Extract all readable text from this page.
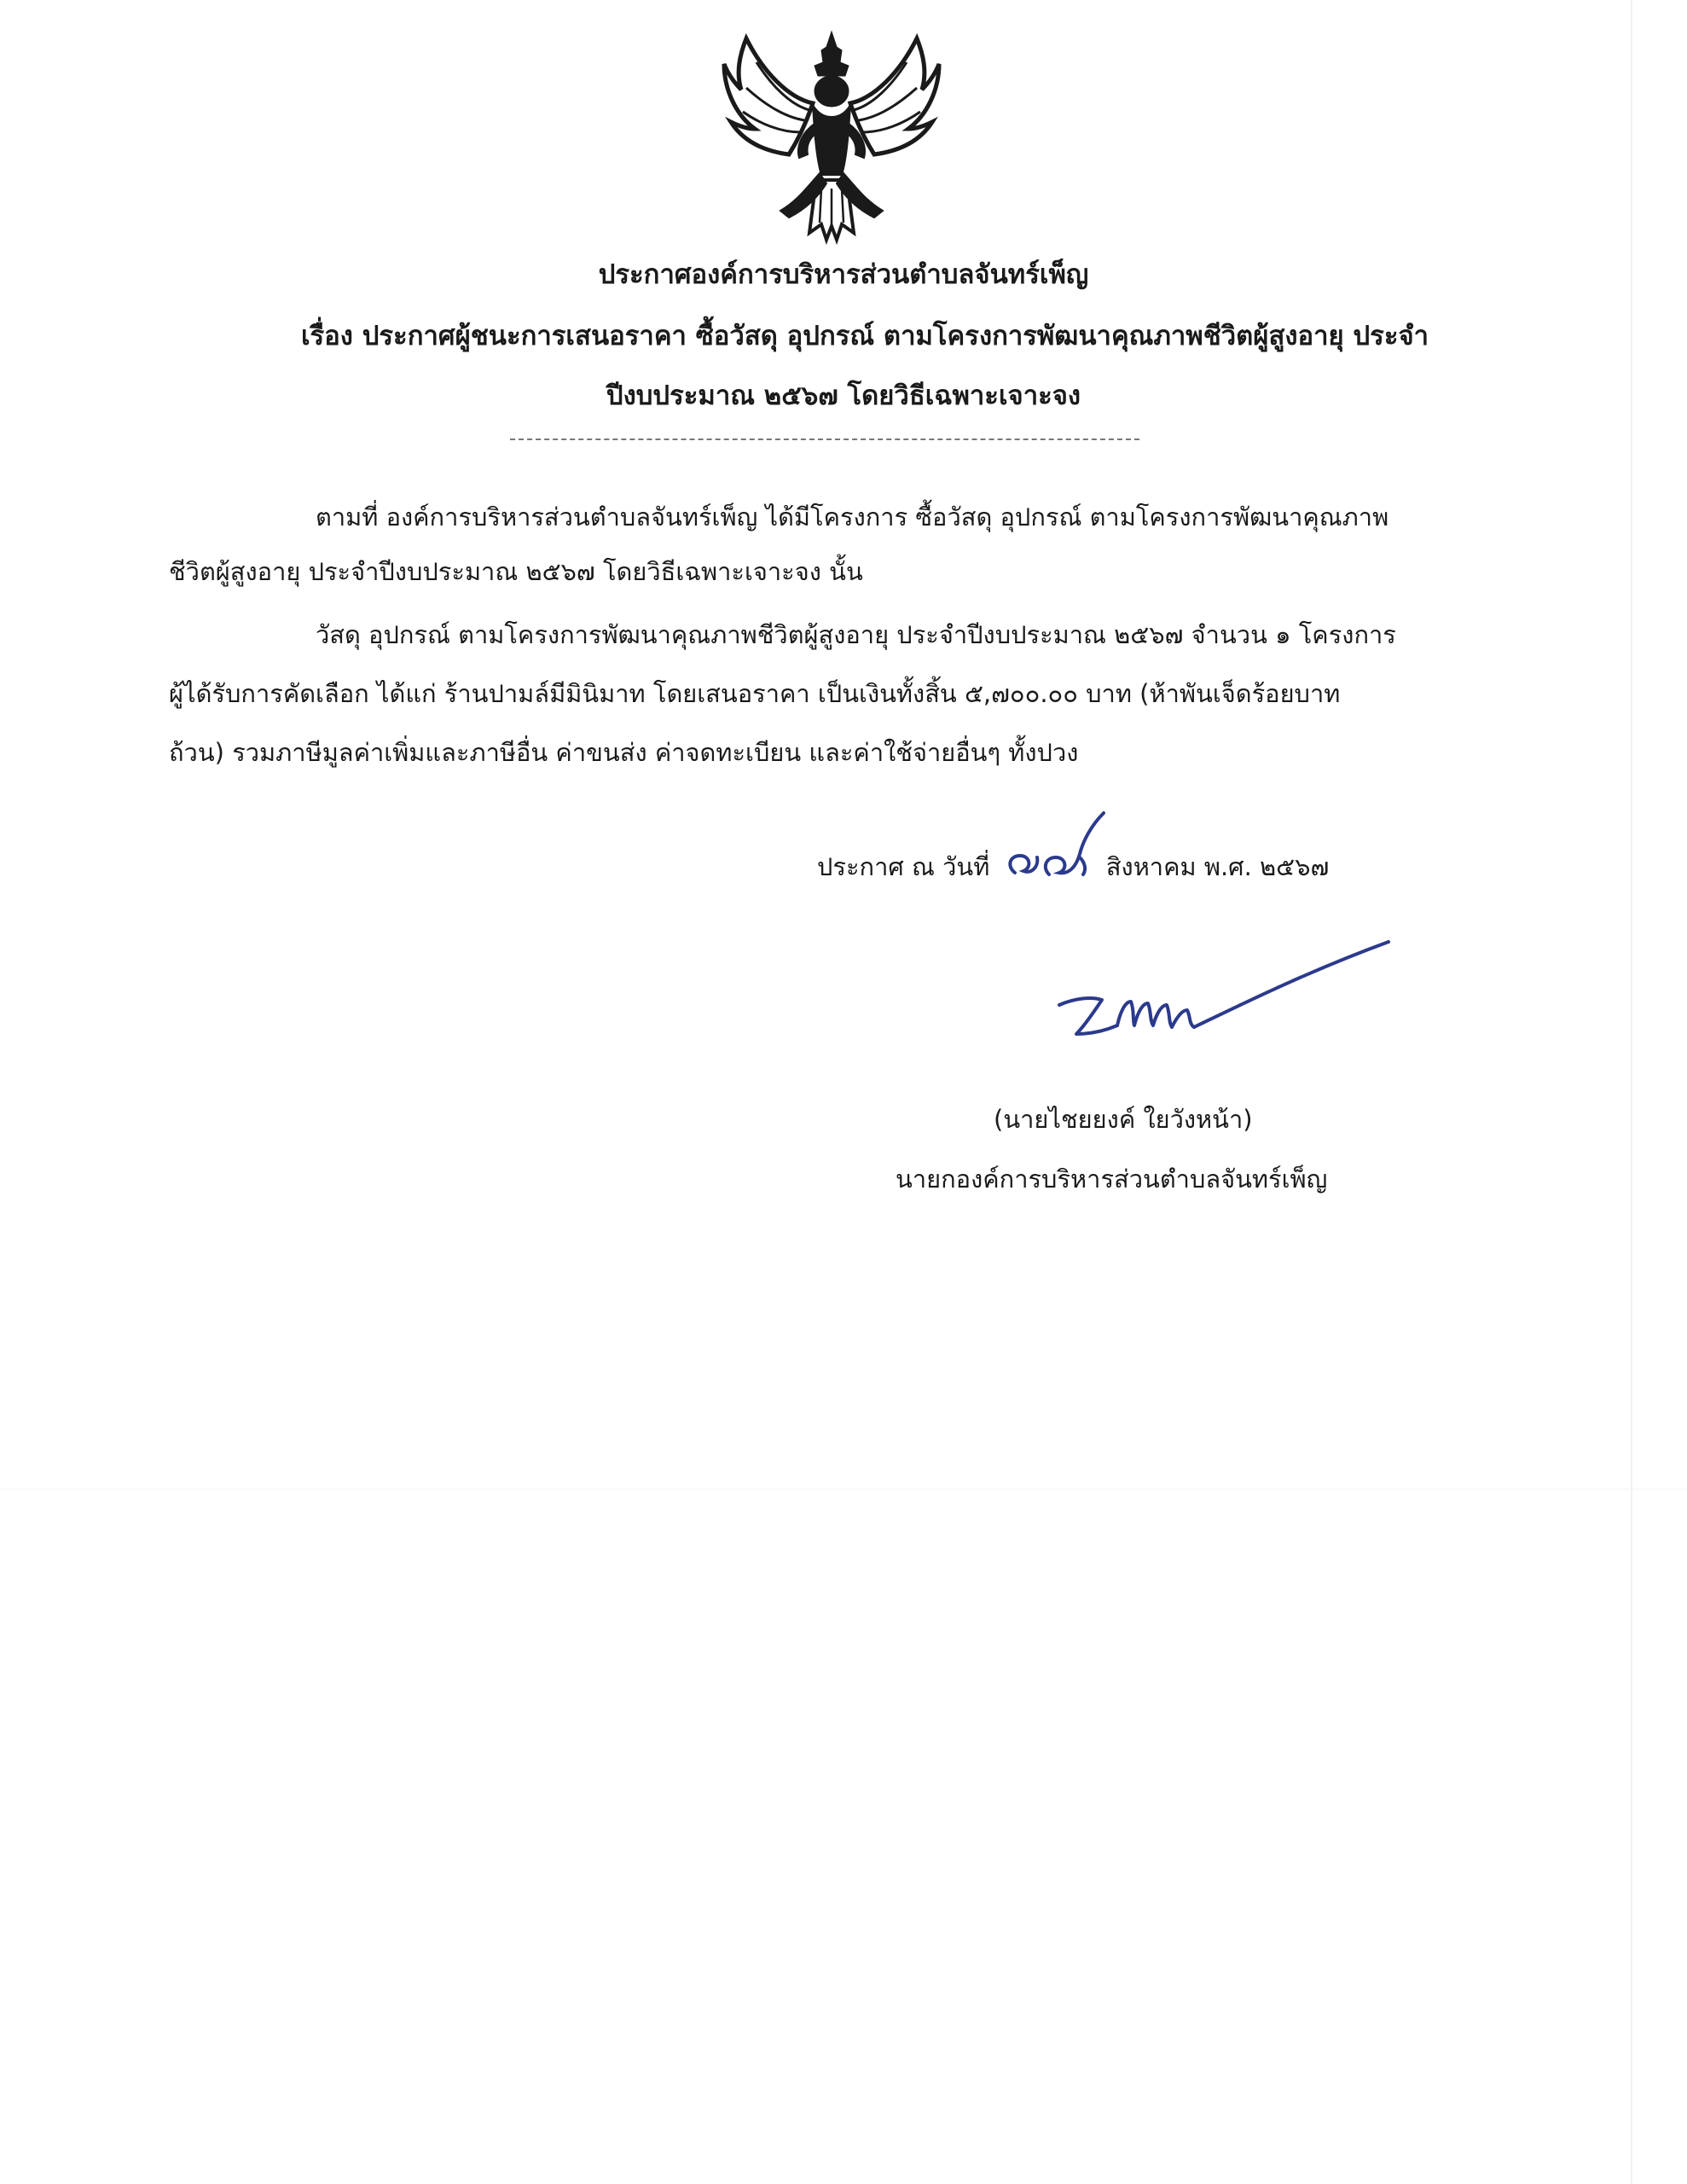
ประกาศองค์การบริหารส่วนตำบลจันทร์เพ็ญ
เรื่อง ประกาศผู้ชนะการเสนอราคา ซื้อวัสดุ อุปกรณ์ ตามโครงการพัฒนาคุณภาพชีวิตผู้สูงอายุ ประจำ
ปีงบประมาณ ๒๕๖๗ โดยวิธีเฉพาะเจาะจง
ตามที่ องค์การบริหารส่วนตำบลจันทร์เพ็ญ ได้มีโครงการ ซื้อวัสดุ อุปกรณ์ ตามโครงการพัฒนาคุณภาพ
ชีวิตผู้สูงอายุ ประจำปีงบประมาณ ๒๕๖๗ โดยวิธีเฉพาะเจาะจง นั้น
วัสดุ อุปกรณ์ ตามโครงการพัฒนาคุณภาพชีวิตผู้สูงอายุ ประจำปีงบประมาณ ๒๕๖๗ จำนวน ๑ โครงการ
ผู้ได้รับการคัดเลือก ได้แก่ ร้านปามล์มีมินิมาท โดยเสนอราคา เป็นเงินทั้งสิ้น ๕,๗๐๐.๐๐ บาท (ห้าพันเจ็ดร้อยบาท
ถ้วน) รวมภาษีมูลค่าเพิ่มและภาษีอื่น ค่าขนส่ง ค่าจดทะเบียน และค่าใช้จ่ายอื่นๆ ทั้งปวง
ประกาศ ณ วันที่	สิงหาคม พ.ศ. ๒๕๖๗
(นายไชยยงค์ ใยวังหน้า)
นายกองค์การบริหารส่วนตำบลจันทร์เพ็ญ
